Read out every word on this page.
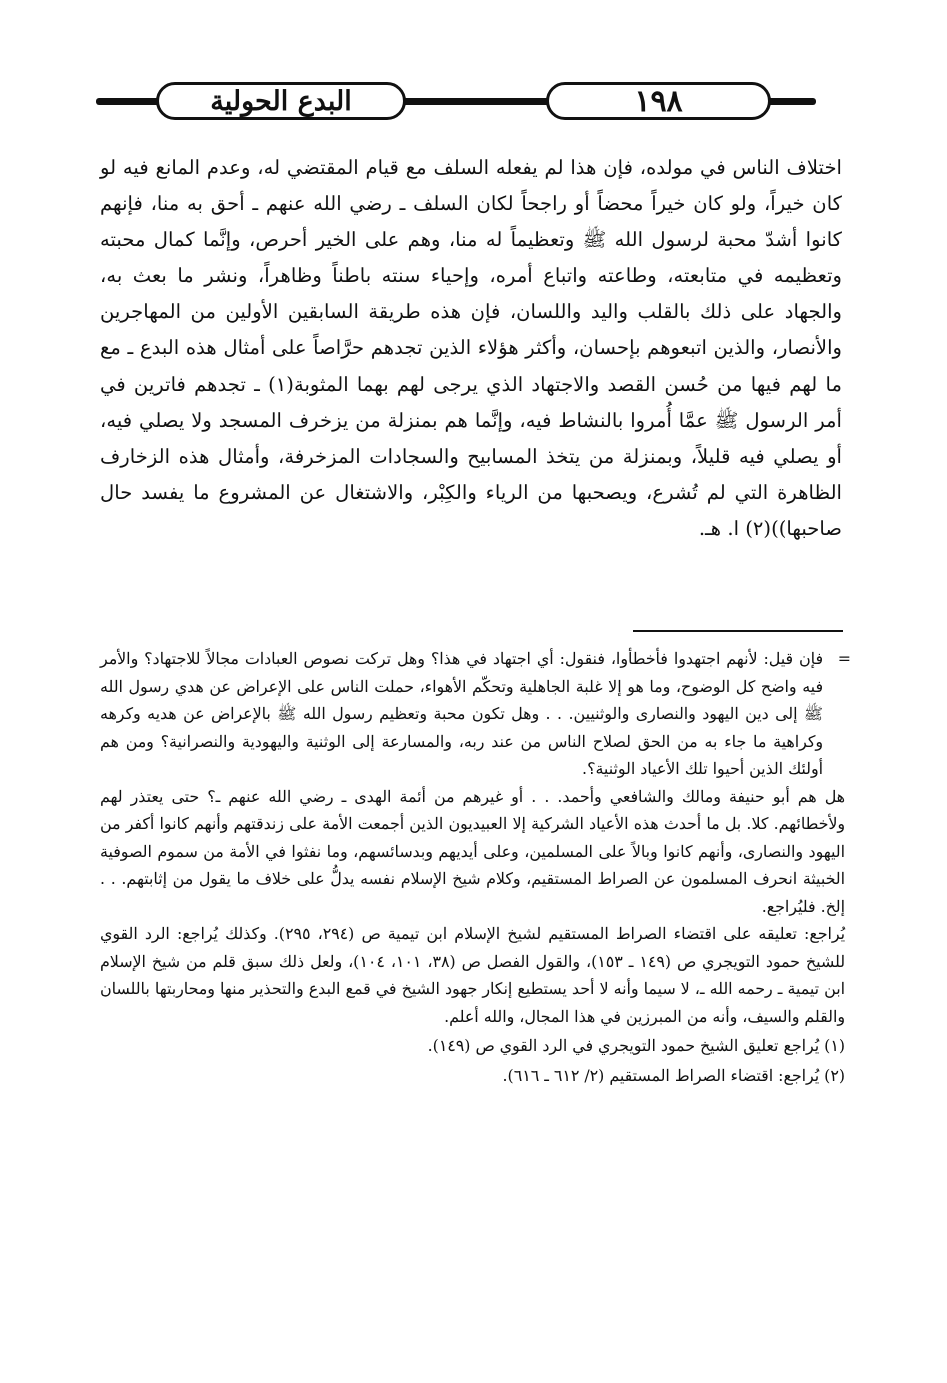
البدع الحولية	١٩٨

اختلاف الناس في مولده، فإن هذا لم يفعله السلف مع قيام المقتضي له، وعدم المانع فيه لو كان خيراً، ولو كان خيراً محضاً أو راجحاً لكان السلف ـ رضي الله عنهم ـ أحق به منا، فإنهم كانوا أشدّ محبة لرسول الله ﷺ وتعظيماً له منا، وهم على الخير أحرص، وإنَّما كمال محبته وتعظيمه في متابعته، وطاعته واتباع أمره، وإحياء سنته باطناً وظاهراً، ونشر ما بعث به، والجهاد على ذلك بالقلب واليد واللسان، فإن هذه طريقة السابقين الأولين من المهاجرين والأنصار، والذين اتبعوهم بإحسان، وأكثر هؤلاء الذين تجدهم حرَّاصاً على أمثال هذه البدع ـ مع ما لهم فيها من حُسن القصد والاجتهاد الذي يرجى لهم بهما المثوبة(١) ـ تجدهم فاترين في أمر الرسول ﷺ عمَّا أُمروا بالنشاط فيه، وإنَّما هم بمنزلة من يزخرف المسجد ولا يصلي فيه، أو يصلي فيه قليلاً، وبمنزلة من يتخذ المسابيح والسجادات المزخرفة، وأمثال هذه الزخارف الظاهرة التي لم تُشرع، ويصحبها من الرياء والكِبْر، والاشتغال عن المشروع ما يفسد حال صاحبها))(٢) ا. هـ.

=

فإن قيل: لأنهم اجتهدوا فأخطأوا، فنقول: أي اجتهاد في هذا؟ وهل تركت نصوص العبادات مجالاً للاجتهاد؟ والأمر فيه واضح كل الوضوح، وما هو إلا غلبة الجاهلية وتحكّم الأهواء، حملت الناس على الإعراض عن هدي رسول الله ﷺ إلى دين اليهود والنصارى والوثنيين. . . وهل تكون محبة وتعظيم رسول الله ﷺ بالإعراض عن هديه وكرهه وكراهية ما جاء به من الحق لصلاح الناس من عند ربه، والمسارعة إلى الوثنية واليهودية والنصرانية؟ ومن هم أولئك الذين أحيوا تلك الأعياد الوثنية؟.

هل هم أبو حنيفة ومالك والشافعي وأحمد. . . أو غيرهم من أئمة الهدى ـ رضي الله عنهم ـ؟ حتى يعتذر لهم ولأخطائهم. كلا. بل ما أحدث هذه الأعياد الشركية إلا العبيديون الذين أجمعت الأمة على زندقتهم وأنهم كانوا أكفر من اليهود والنصارى، وأنهم كانوا وبالاً على المسلمين، وعلى أيديهم وبدسائسهم، وما نفثوا في الأمة من سموم الصوفية الخبيثة انحرف المسلمون عن الصراط المستقيم، وكلام شيخ الإسلام نفسه يدلُّ على خلاف ما يقول من إثابتهم. . . إلخ. فليُراجع.

يُراجع: تعليقه على اقتضاء الصراط المستقيم لشيخ الإسلام ابن تيمية ص (٢٩٤، ٢٩٥). وكذلك يُراجع: الرد القوي للشيخ حمود التويجري ص (١٤٩ ـ ١٥٣)، والقول الفصل ص (٣٨، ١٠١، ١٠٤)، ولعل ذلك سبق قلم من شيخ الإسلام ابن تيمية ـ رحمه الله ـ، لا سيما وأنه لا أحد يستطيع إنكار جهود الشيخ في قمع البدع والتحذير منها ومحاربتها باللسان والقلم والسيف، وأنه من المبرزين في هذا المجال، والله أعلم.

(١) يُراجع تعليق الشيخ حمود التويجري في الرد القوي ص (١٤٩).

(٢) يُراجع: اقتضاء الصراط المستقيم (٢/ ٦١٢ ـ ٦١٦).
